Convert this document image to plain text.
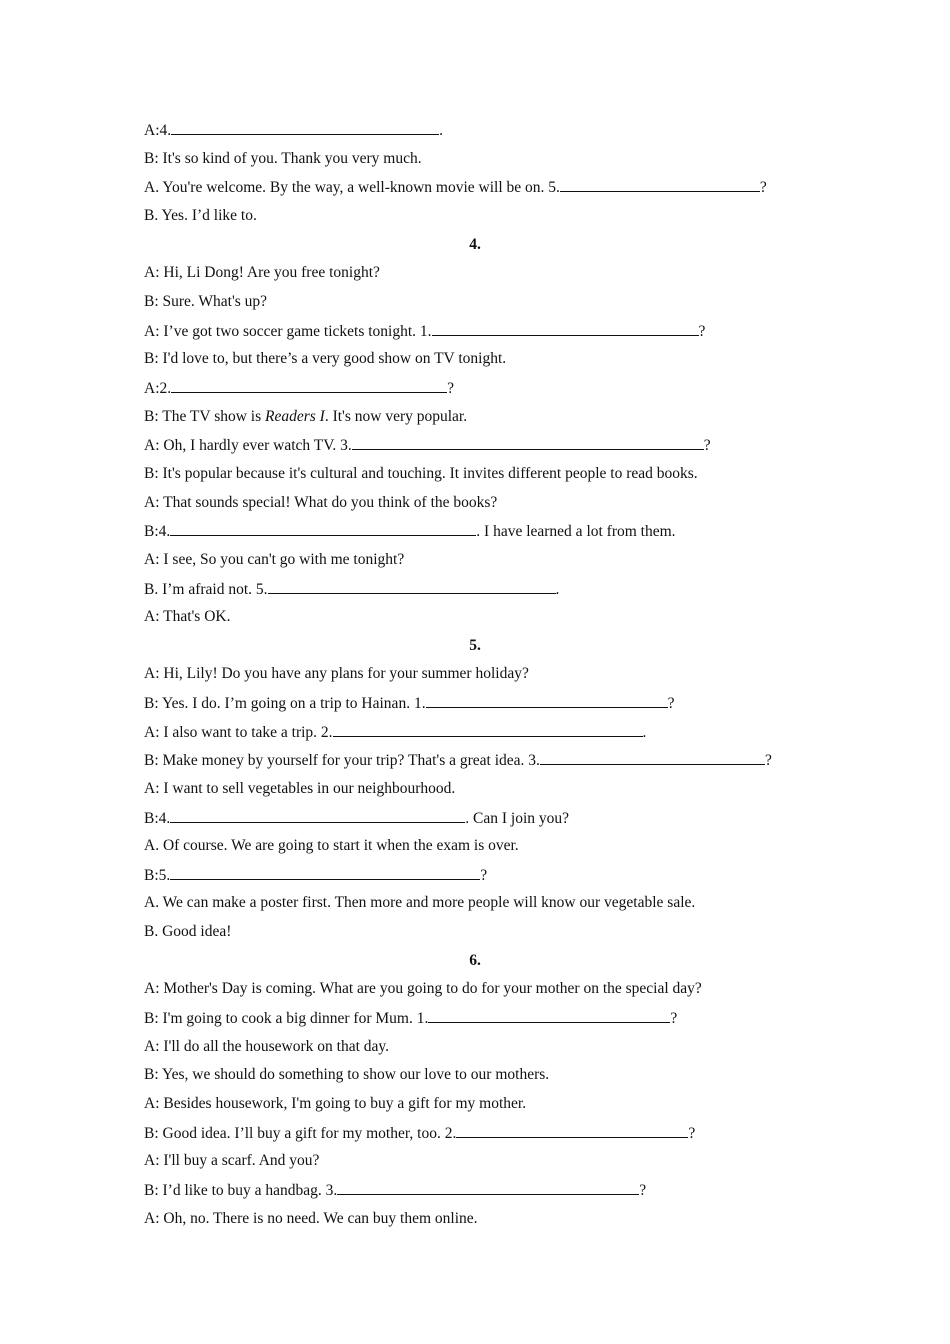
A:4.	.
B: It's so kind of you. Thank you very much.
A. You're welcome. By the way, a well-known movie will be on. 5.	?
B. Yes. I’d like to.
4.
A: Hi, Li Dong! Are you free tonight?
B: Sure. What's up?
A: I’ve got two soccer game tickets tonight. 1.	?
B: I'd love to, but there’s a very good show on TV tonight.
A:2.	?
B: The TV show is Readers I. It's now very popular.
A: Oh, I hardly ever watch TV. 3.	?
B: It's popular because it's cultural and touching. It invites different people to read books.
A: That sounds special! What do you think of the books?
B:4.	. I have learned a lot from them.
A: I see, So you can't go with me tonight?
B. I’m afraid not. 5.	.
A: That's OK.
5.
A: Hi, Lily! Do you have any plans for your summer holiday?
B: Yes. I do. I’m going on a trip to Hainan. 1.	?
A: I also want to take a trip. 2.	.
B: Make money by yourself for your trip? That's a great idea. 3.	?
A: I want to sell vegetables in our neighbourhood.
B:4.	. Can I join you?
A. Of course. We are going to start it when the exam is over.
B:5.	?
A. We can make a poster first. Then more and more people will know our vegetable sale.
B. Good idea!
6.
A: Mother's Day is coming. What are you going to do for your mother on the special day?
B: I'm going to cook a big dinner for Mum. 1.	?
A: I'll do all the housework on that day.
B: Yes, we should do something to show our love to our mothers.
A: Besides housework, I'm going to buy a gift for my mother.
B: Good idea. I’ll buy a gift for my mother, too. 2.	?
A: I'll buy a scarf. And you?
B: I’d like to buy a handbag. 3.	?
A: Oh, no. There is no need. We can buy them online.
